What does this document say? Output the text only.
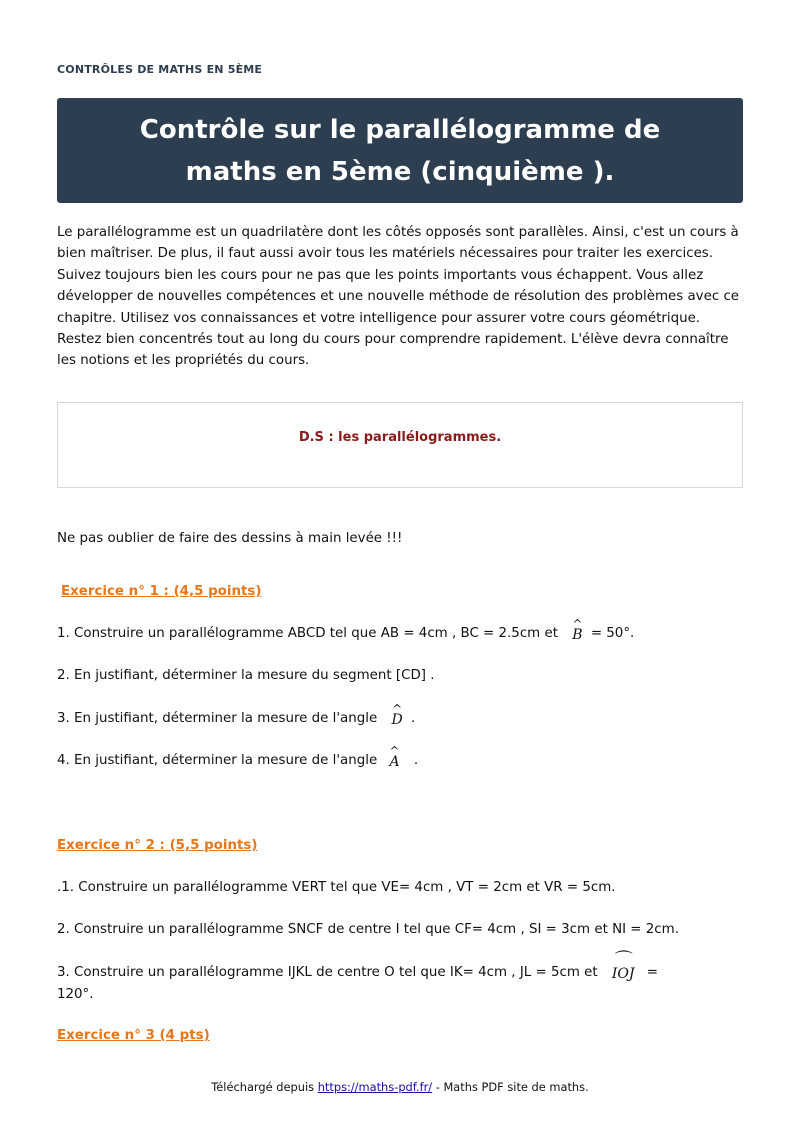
CONTRÔLES DE MATHS EN 5ÈME
Contrôle sur le parallélogramme de maths en 5ème (cinquième ).

Le parallélogramme est un quadrilatère dont les côtés opposés sont parallèles. Ainsi, c'est un cours à bien maîtriser. De plus, il faut aussi avoir tous les matériels nécessaires pour traiter les exercices. Suivez toujours bien les cours pour ne pas que les points importants vous échappent. Vous allez développer de nouvelles compétences et une nouvelle méthode de résolution des problèmes avec ce chapitre. Utilisez vos connaissances et votre intelligence pour assurer votre cours géométrique. Restez bien concentrés tout au long du cours pour comprendre rapidement. L'élève devra connaître les notions et les propriétés du cours.

D.S : les parallélogrammes.
Ne pas oublier de faire des dessins à main levée !!!
Exercice n° 1 : (4,5 points)
1. Construire un parallélogramme ABCD tel que AB = 4cm , BC = 2.5cm et
^
B = 50°.
2. En justifiant, déterminer la mesure du segment [CD] .
3. En justifiant, déterminer la mesure de l'angle
^
D .
4. En justifiant, déterminer la mesure de l'angle
^
A .
Exercice n° 2 : (5,5 points)
.1. Construire un parallélogramme VERT tel que VE= 4cm , VT = 2cm et VR = 5cm.
2. Construire un parallélogramme SNCF de centre I tel que CF= 4cm , SI = 3cm et NI = 2cm.
3. Construire un parallélogramme IJKL de centre O tel que IK= 4cm , JL = 5cm et
⌒
IOJ =
120°.
Exercice n° 3 (4 pts)
Téléchargé depuis https://maths-pdf.fr/ - Maths PDF site de maths.
